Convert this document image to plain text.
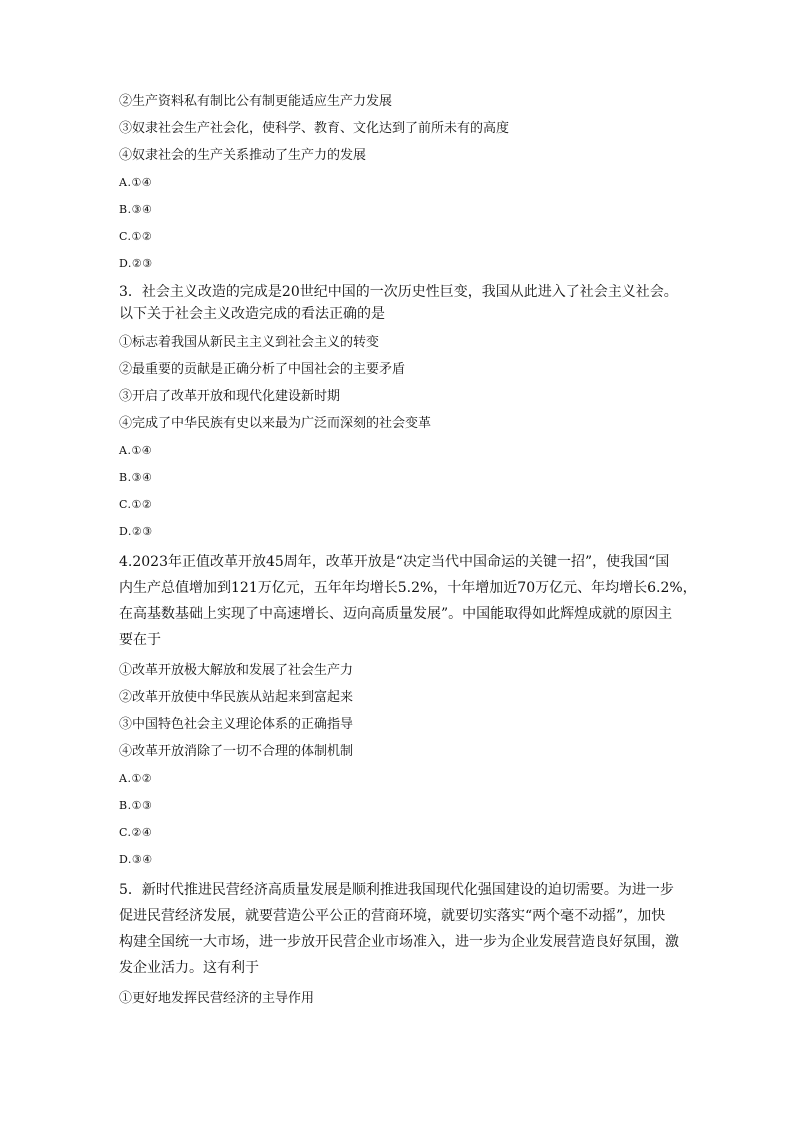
②生产资料私有制比公有制更能适应生产力发展
③奴隶社会生产社会化，使科学、教育、文化达到了前所未有的高度
④奴隶社会的生产关系推动了生产力的发展
A.①④
B.③④
C.①②
D.②③
3．社会主义改造的完成是20世纪中国的一次历史性巨变，我国从此进入了社会主义社会。
以下关于社会主义改造完成的看法正确的是
①标志着我国从新民主主义到社会主义的转变
②最重要的贡献是正确分析了中国社会的主要矛盾
③开启了改革开放和现代化建设新时期
④完成了中华民族有史以来最为广泛而深刻的社会变革
A.①④
B.③④
C.①②
D.②③
4.2023年正值改革开放45周年，改革开放是“决定当代中国命运的关键一招”，使我国“国
内生产总值增加到121万亿元，五年年均增长5.2%，十年增加近70万亿元、年均增长6.2%，
在高基数基础上实现了中高速增长、迈向高质量发展”。中国能取得如此辉煌成就的原因主
要在于
①改革开放极大解放和发展了社会生产力
②改革开放使中华民族从站起来到富起来
③中国特色社会主义理论体系的正确指导
④改革开放消除了一切不合理的体制机制
A.①②
B.①③
C.②④
D.③④
5．新时代推进民营经济高质量发展是顺利推进我国现代化强国建设的迫切需要。为进一步
促进民营经济发展，就要营造公平公正的营商环境，就要切实落实“两个毫不动摇”，加快
构建全国统一大市场，进一步放开民营企业市场准入，进一步为企业发展营造良好氛围，激
发企业活力。这有利于
①更好地发挥民营经济的主导作用
